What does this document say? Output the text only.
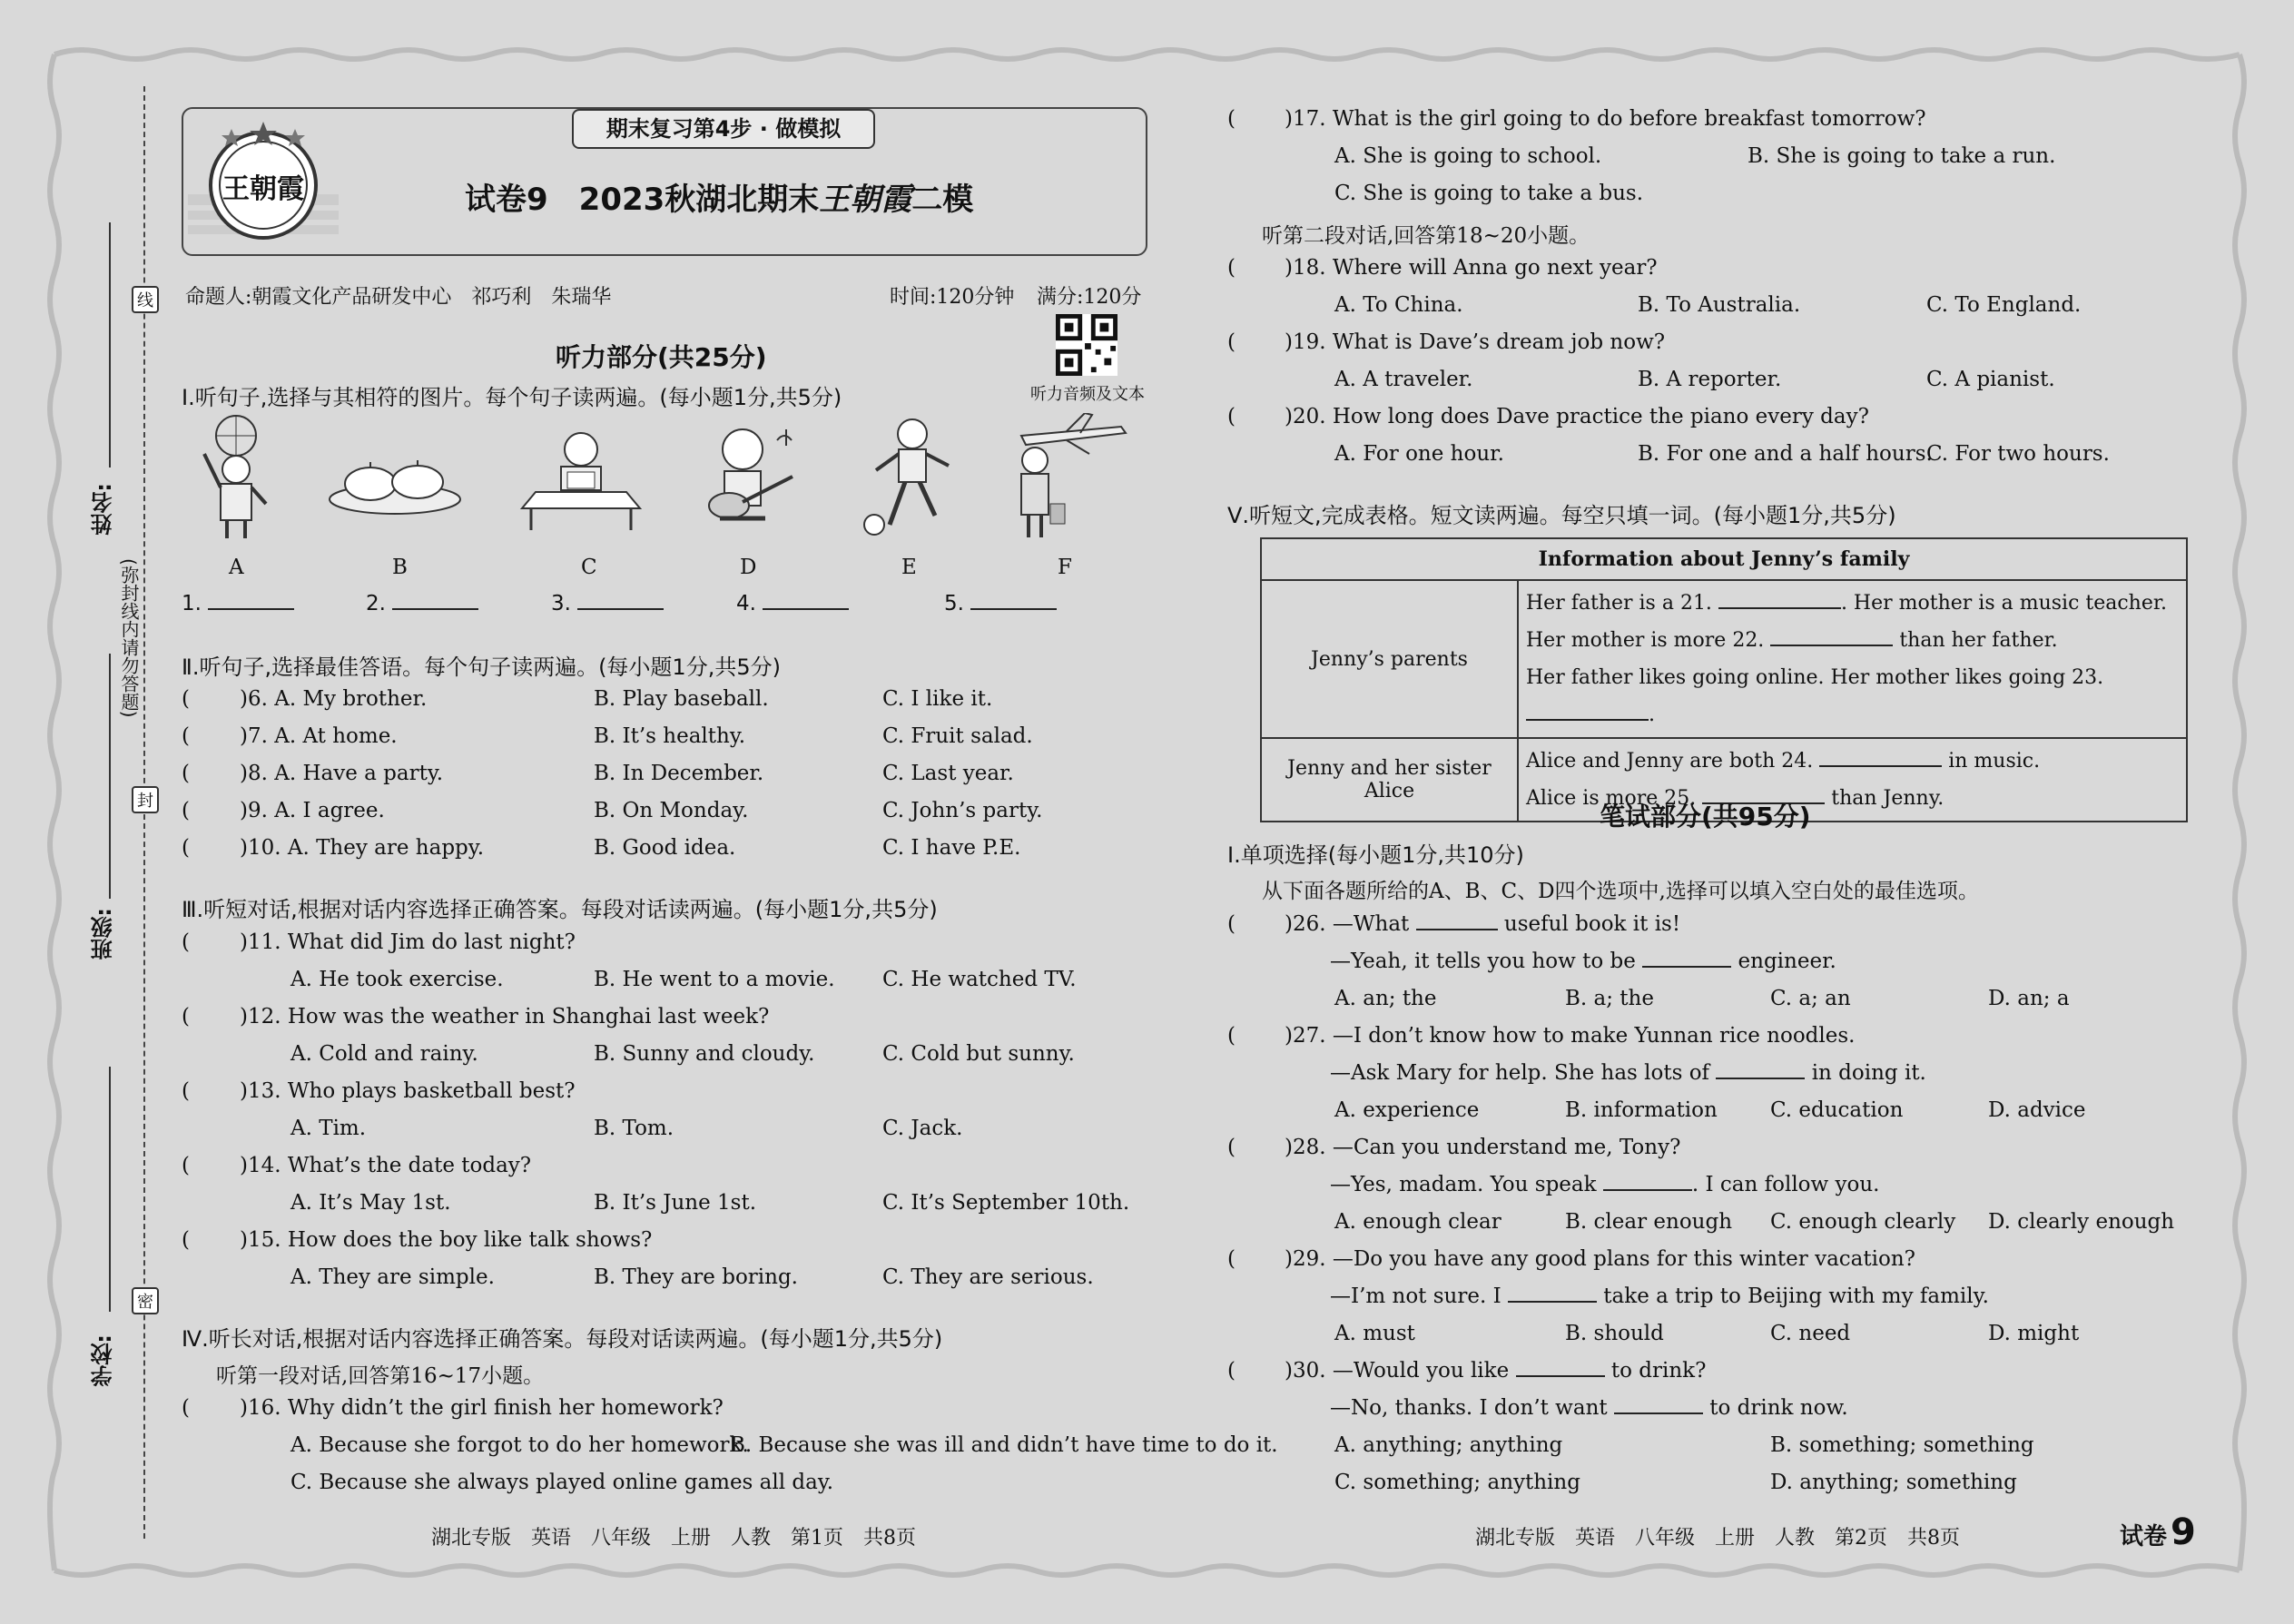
线
封
密
(弥封线内请勿答题)
姓名:
班级:
学校:
期末复习第4步 · 做模拟
王朝霞	试卷9　2023秋湖北期末王朝霞二模
命题人:朝霞文化产品研发中心　祁巧利　朱瑞华	时间:120分钟 满分:120分
听力音频及文本
听力部分(共25分)
Ⅰ.听句子,选择与其相符的图片。每个句子读两遍。(每小题1分,共5分)
A	B	C	D	E	F
1.	2.	3.	4.	5.
Ⅱ.听句子,选择最佳答语。每个句子读两遍。(每小题1分,共5分)
( )6. A. My brother.	B. Play baseball.	C. I like it.
( )7. A. At home.	B. It’s healthy.	C. Fruit salad.
( )8. A. Have a party.	B. In December.	C. Last year.
( )9. A. I agree.	B. On Monday.	C. John’s party.
( )10. A. They are happy.	B. Good idea.	C. I have P.E.
Ⅲ.听短对话,根据对话内容选择正确答案。每段对话读两遍。(每小题1分,共5分)
( )11. What did Jim do last night?
A. He took exercise.	B. He went to a movie. C. He watched TV.
( )12. How was the weather in Shanghai last week?
A. Cold and rainy.	B. Sunny and cloudy.	C. Cold but sunny.
( )13. Who plays basketball best?
A. Tim.	B. Tom.	C. Jack.
( )14. What’s the date today?
A. It’s May 1st.	B. It’s June 1st.	C. It’s September 10th.
( )15. How does the boy like talk shows?
A. They are simple.	B. They are boring.	C. They are serious.
Ⅳ.听长对话,根据对话内容选择正确答案。每段对话读两遍。(每小题1分,共5分)
听第一段对话,回答第16~17小题。
( )16. Why didn’t the girl finish her homework?
A. Because she forgot to do her homework.
B. Because she was ill and didn’t have time to do it.
C. Because she always played online games all day.
( )17. What is the girl going to do before breakfast tomorrow?
A. She is going to school.	B. She is going to take a run.
C. She is going to take a bus.
听第二段对话,回答第18~20小题。
( )18. Where will Anna go next year?
A. To China.	B. To Australia.	C. To England.
( )19. What is Dave’s dream job now?
A. A traveler.	B. A reporter.	C. A pianist.
( )20. How long does Dave practice the piano every day?
A. For one hour.	B. For one and a half hours.
C. For two hours.
Ⅴ.听短文,完成表格。短文读两遍。每空只填一词。(每小题1分,共5分)
Information about Jenny’s family	
Jenny’s parents	Her father is a 21. . Her mother is a music teacher.
Her mother is more 22. than her father.
Her father likes going online. Her mother likes going 23. .

Jenny and her sister Alice	Alice and Jenny are both 24. in music.
Alice is more 25. than Jenny.
笔试部分(共95分)
Ⅰ.单项选择(每小题1分,共10分)
从下面各题所给的A、B、C、D四个选项中,选择可以填入空白处的最佳选项。
( )26. —What	useful book it is!
—Yeah, it tells you how to be	engineer.
A. an; the	B. a; the	C. a; an	D. an; a
( )27. —I don’t know how to make Yunnan rice noodles.
—Ask Mary for help. She has lots of	in doing it.
A. experience	B. information	C. education	D. advice
( )28. —Can you understand me, Tony?
—Yes, madam. You speak	. I can follow you.
A. enough clear	B. clear enough C. enough clearly D. clearly enough
( )29. —Do you have any good plans for this winter vacation?
—I’m not sure. I	take a trip to Beijing with my family.
A. must	B. should	C. need	D. might
( )30. —Would you like	to drink?
—No, thanks. I don’t want	to drink now.
A. anything; anything	B. something; something
C. something; anything	D. anything; something
湖北专版　英语　八年级　上册　人教　第1页　共8页	湖北专版　英语　八年级　上册　人教　第2页　共8页	试卷 9
